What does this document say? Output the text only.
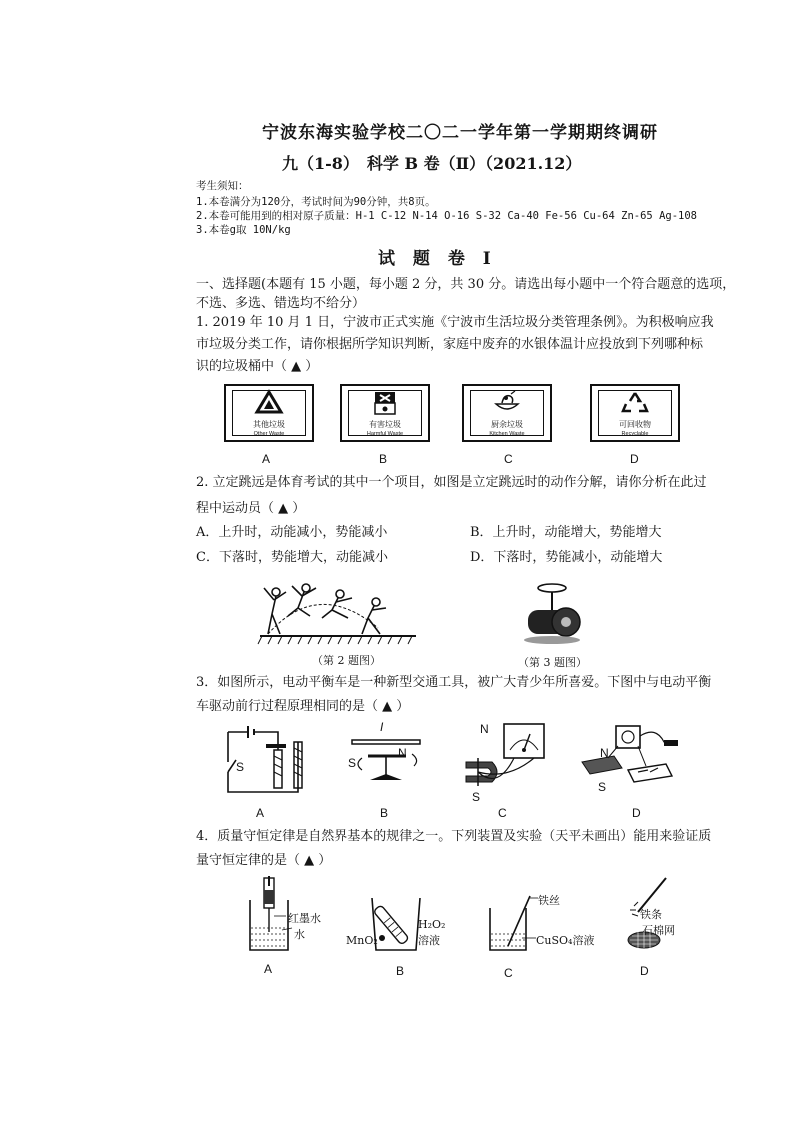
宁波东海实验学校二〇二一学年第一学期期终调研
九（1-8）　科学 B 卷（Ⅱ）（2021.12）
考生须知：
1.本卷满分为120分，考试时间为90分钟，共8页。
2.本卷可能用到的相对原子质量：H-1 C-12 N-14 O-16 S-32 Ca-40 Fe-56 Cu-64 Zn-65 Ag-108
3.本卷g取 10N/kg
试 题 卷 Ⅰ
一、选择题(本题有 15 小题，每小题 2 分，共 30 分。请选出每小题中一个符合题意的选项，
不选、多选、错选均不给分）
1. 2019 年 10 月 1 日，宁波市正式实施《宁波市生活垃圾分类管理条例》。为积极响应我
市垃圾分类工作，请你根据所学知识判断，家庭中废弃的水银体温计应投放到下列哪种标
识的垃圾桶中（ ▲ ）
其他垃圾
Other Waste
有害垃圾
Harmful Waste
厨余垃圾
Kitchen Waste
可回收物
Recyclable
A	B	C	D
2. 立定跳远是体育考试的其中一个项目，如图是立定跳远时的动作分解，请你分析在此过
程中运动员（ ▲ ）
A．上升时，动能减小，势能减小	B．上升时，动能增大，势能增大
C．下落时，势能增大，动能减小	D．下落时，势能减小，动能增大
（第 2 题图）	（第 3 题图）
3．如图所示，电动平衡车是一种新型交通工具，被广大青少年所喜爱。下图中与电动平衡
车驱动前行过程原理相同的是（ ▲ ）
S
A
I
N
S
B
N
S
C
N
S
D
4．质量守恒定律是自然界基本的规律之一。下列装置及实验（天平未画出）能用来验证质
量守恒定律的是（ ▲ ）
红墨水
水
A
MnO₂
H₂O₂
溶液
B
铁丝
CuSO₄溶液
C
铁条
石棉网
D
